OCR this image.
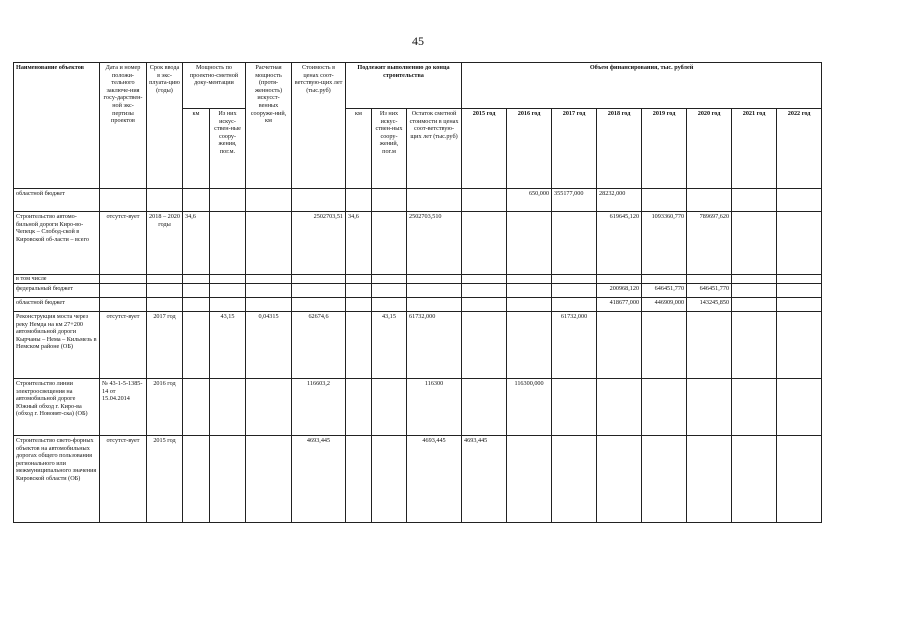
45
Наименование объектов	Дата и номер положи-тельного заключе-ния госу-дарствен-ной экс-пертизы проектов	Срок ввода в экс-плуата-цию (годы)	Мощность по проектно-сметной доку-ментации		Расчетная мощность (протя-женность) искусст-венных сооруже-ний, км	Стоимость в ценах соот-ветствую-щих лет (тыс.руб)	Подлежит выполнению до конца строительства			Объем финансирования, тыс. рублей							
			км	Из них искус-ствен-ные соору-жения, пог.м.			км	Из них искус-ствен-ных соору-жений, пог.м	Остаток сметной стоимости в ценах соот-ветствую-щих лет (тыс.руб)	2015 год	2016 год	2017 год	2018 год	2019 год	2020 год	2021 год	2022 год
областной бюджет											650,000	355177,000	28232,000				
Строительство автомо-бильной дороги Киро-во-Чепецк – Слобод-ской в Кировской об-ласти – всего	отсутст-вует	2018 – 2020 годы	34,6			2502703,51	34,6		2502703,510				619645,120	1093360,770	789697,620		
в том числе																	
федеральный бюджет													200968,120	646451,770	646451,770		
областной бюджет													418677,000	446909,000	143245,850		
Реконструкция моста через реку Немда на км 27+200 автомобильной дороги Кырчаны – Нема – Кильмезь в Немском районе (ОБ)	отсутст-вует	2017 год		43,15	0,04315	62674,6		43,15	61732,000			61732,000					
Строительство линии электроосвещения на автомобильной дороге Южный обход г. Киро-ва (обход г. Нововят-ска) (ОБ)	№ 43-1-5-1385-14 от 15.04.2014	2016 год				116603,2			116300		116300,000						
Строительство свето-форных объектов на автомобильных дорогах общего пользования регионального или межмуниципального значения Кировской области (ОБ)	отсутст-вует	2015 год				4693,445			4693,445	4693,445							
